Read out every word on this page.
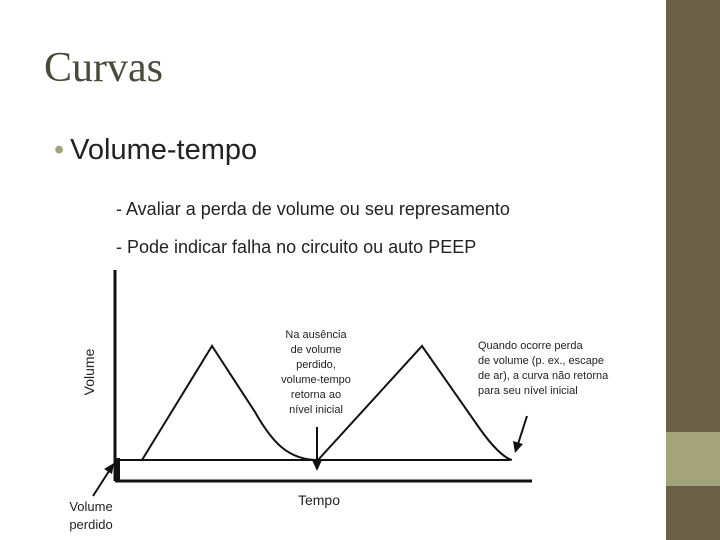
Curvas
• Volume-tempo
- Avaliar a perda de volume ou seu represamento
- Pode indicar falha no circuito ou auto PEEP
Volume
Tempo
Volume
perdido
Na ausência
de volume
perdido,
volume-tempo
retorna ao
nível inicial
Quando ocorre perda
de volume (p. ex., escape
de ar), a curva não retorna
para seu nível inicial
